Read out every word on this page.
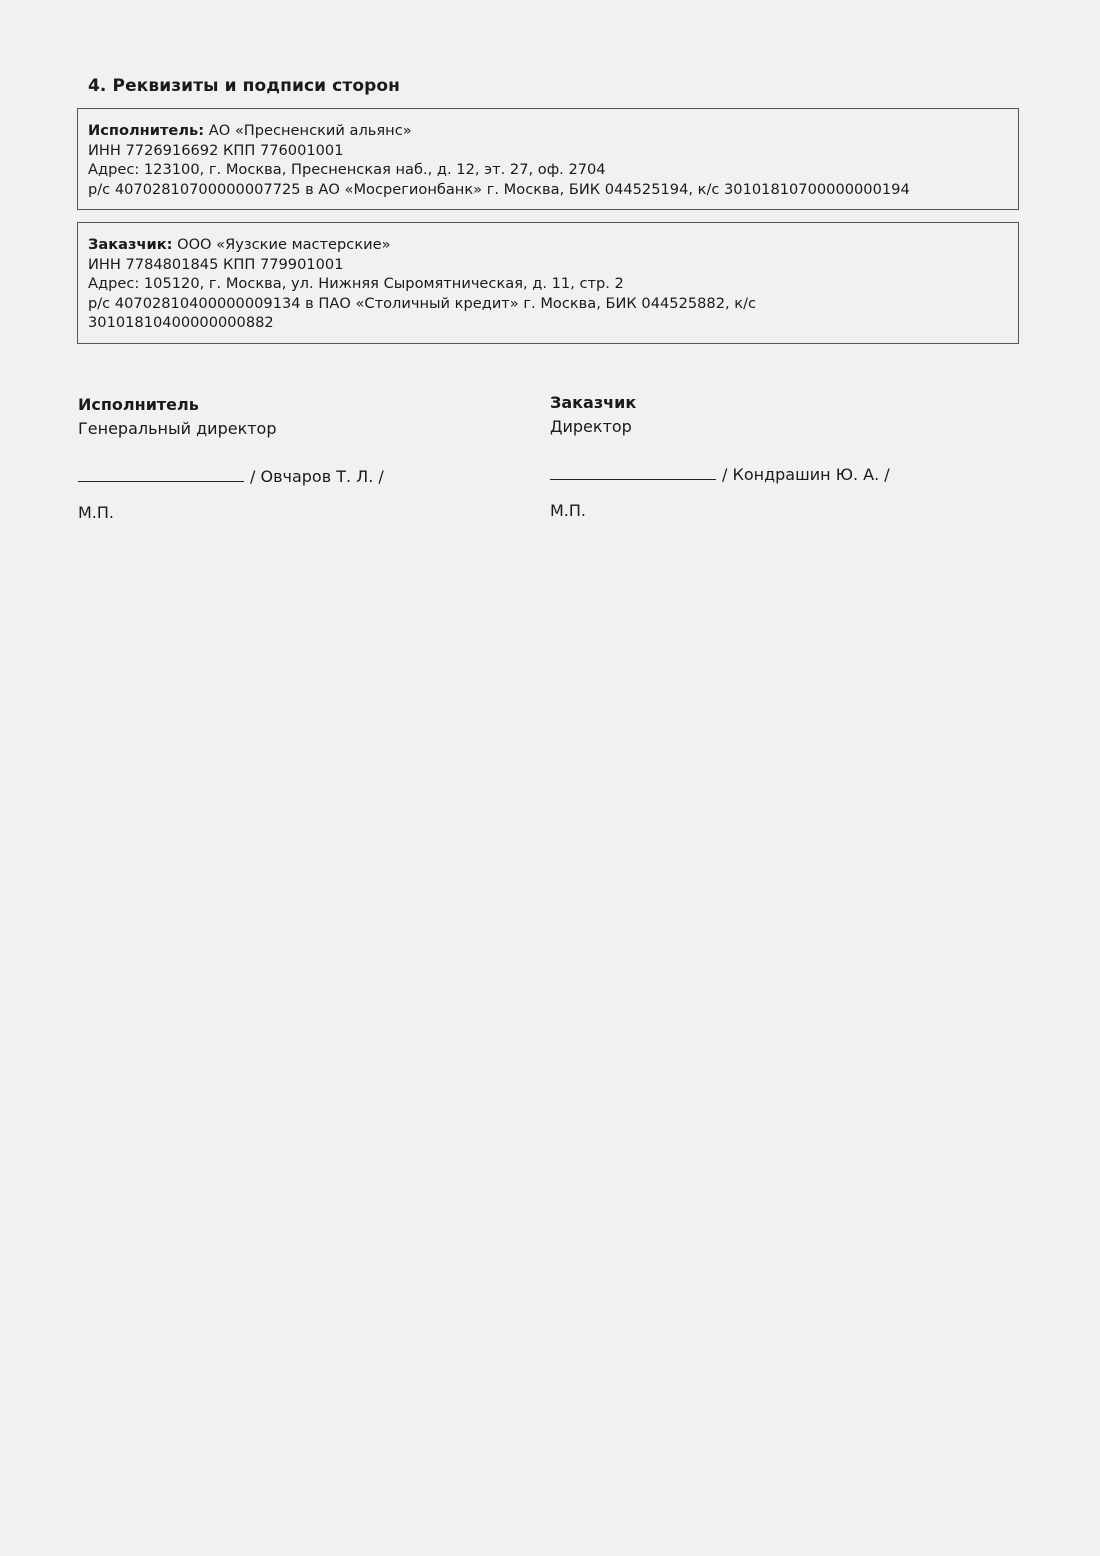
4. Реквизиты и подписи сторон
Исполнитель: АО «Пресненский альянс»
ИНН 7726916692 КПП 776001001
Адрес: 123100, г. Москва, Пресненская наб., д. 12, эт. 27, оф. 2704
р/с 40702810700000007725 в АО «Мосрегионбанк» г. Москва, БИК 044525194, к/с 30101810700000000194
Заказчик: ООО «Яузские мастерские»
ИНН 7784801845 КПП 779901001
Адрес: 105120, г. Москва, ул. Нижняя Сыромятническая, д. 11, стр. 2
р/с 40702810400000009134 в ПАО «Столичный кредит» г. Москва, БИК 044525882, к/с
30101810400000000882
Исполнитель
Генеральный директор
/ Овчаров Т. Л. /
М.П.
Заказчик
Директор
/ Кондрашин Ю. А. /
М.П.
